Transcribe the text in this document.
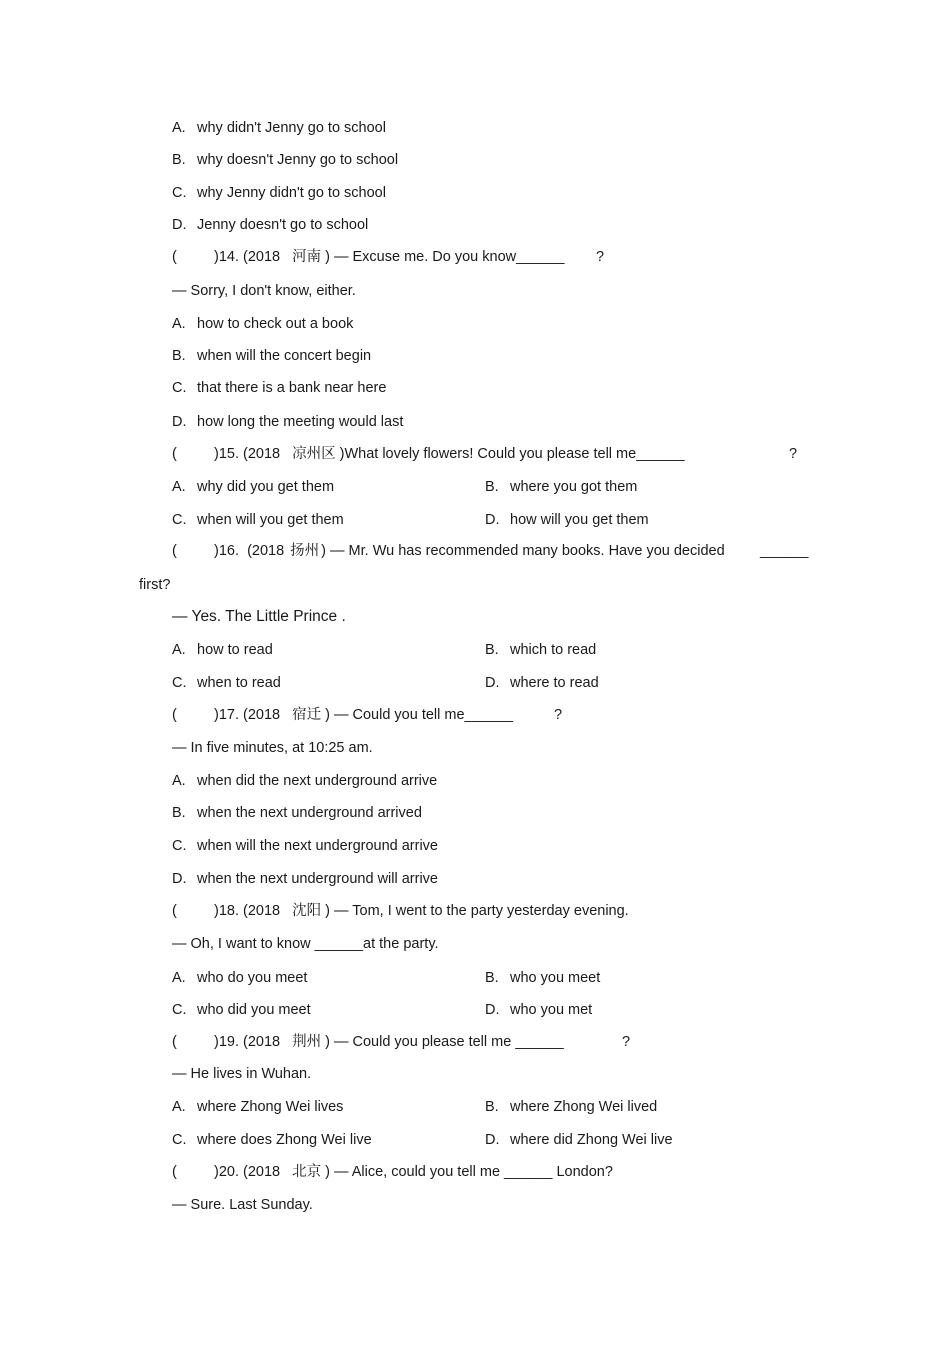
A. why didn't Jenny go to school
B. why doesn't Jenny go to school
C. why Jenny didn't go to school
D. Jenny doesn't go to school
(	)14. (2018 河南 ) — Excuse me. Do you know______ ?
— Sorry, I don't know, either.
A. how to check out a book
B. when will the concert begin
C. that there is a bank near here
D. how long the meeting would last
(	)15. (2018 凉州区 )What lovely flowers! Could you please tell me______	?
A. why did you get them	B. where you got them
C. when will you get them	D. how will you get them
(	)16. (2018 扬州 ) — Mr. Wu has recommended many books. Have you decided ______
first?
— Yes. The Little Prince .
A. how to read	B. which to read
C. when to read	D. where to read
(	)17. (2018 宿迁 ) — Could you tell me______	?
— In five minutes, at 10:25 am.
A. when did the next underground arrive
B. when the next underground arrived
C. when will the next underground arrive
D. when the next underground will arrive
(	)18. (2018 沈阳 ) — Tom, I went to the party yesterday evening.
— Oh, I want to know ______at the party.
A. who do you meet	B. who you meet
C. who did you meet	D. who you met
(	)19. (2018 荆州 ) — Could you please tell me ______	?
— He lives in Wuhan.
A. where Zhong Wei lives	B. where Zhong Wei lived
C. where does Zhong Wei live	D. where did Zhong Wei live
(	)20. (2018 北京 ) — Alice, could you tell me ______ London?
— Sure. Last Sunday.
